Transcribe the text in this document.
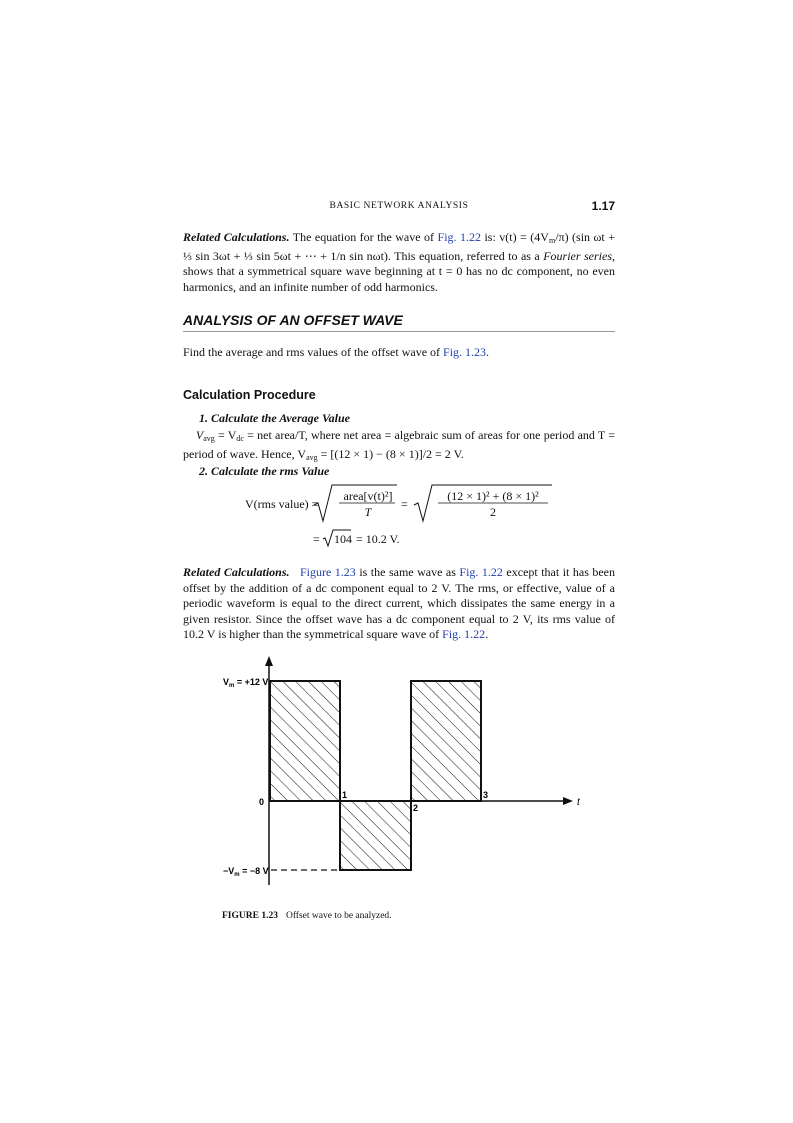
BASIC NETWORK ANALYSIS	1.17
Related Calculations. The equation for the wave of Fig. 1.22 is: $v(t) = (4V_m/\pi)$ (sin ωt + ⅓ sin 3ωt + ⅓ sin 5ωt + ⋯ + 1/n sin nωt). This equation, referred to as a Fourier series, shows that a symmetrical square wave beginning at t = 0 has no dc component, no even harmonics, and an infinite number of odd harmonics.
ANALYSIS OF AN OFFSET WAVE
Find the average and rms values of the offset wave of Fig. 1.23.
Calculation Procedure
1. Calculate the Average Value
$V_{avg} = V_{dc}$ = net area/T, where net area = algebraic sum of areas for one period and T = period of wave. Hence, $V_{avg} = [(12 \times 1) - (8 \times 1)]/2 = 2$ V.
2. Calculate the rms Value
V(rms value) =
area[v(t)²]
T
=
(12 × 1)² + (8 × 1)²
2
= 104 = 10.2 V.
Related Calculations. Figure 1.23 is the same wave as Fig. 1.22 except that it has been offset by the addition of a dc component equal to 2 V. The rms, or effective, value of a periodic waveform is equal to the direct current, which dissipates the same energy in a given resistor. Since the offset wave has a dc component equal to 2 V, its rms value of 10.2 V is higher than the symmetrical square wave of Fig. 1.22.
$V_m = +12$ V
0
$-V_m = -8$ V
1
2
3
t
FIGURE 1.23 Offset wave to be analyzed.
